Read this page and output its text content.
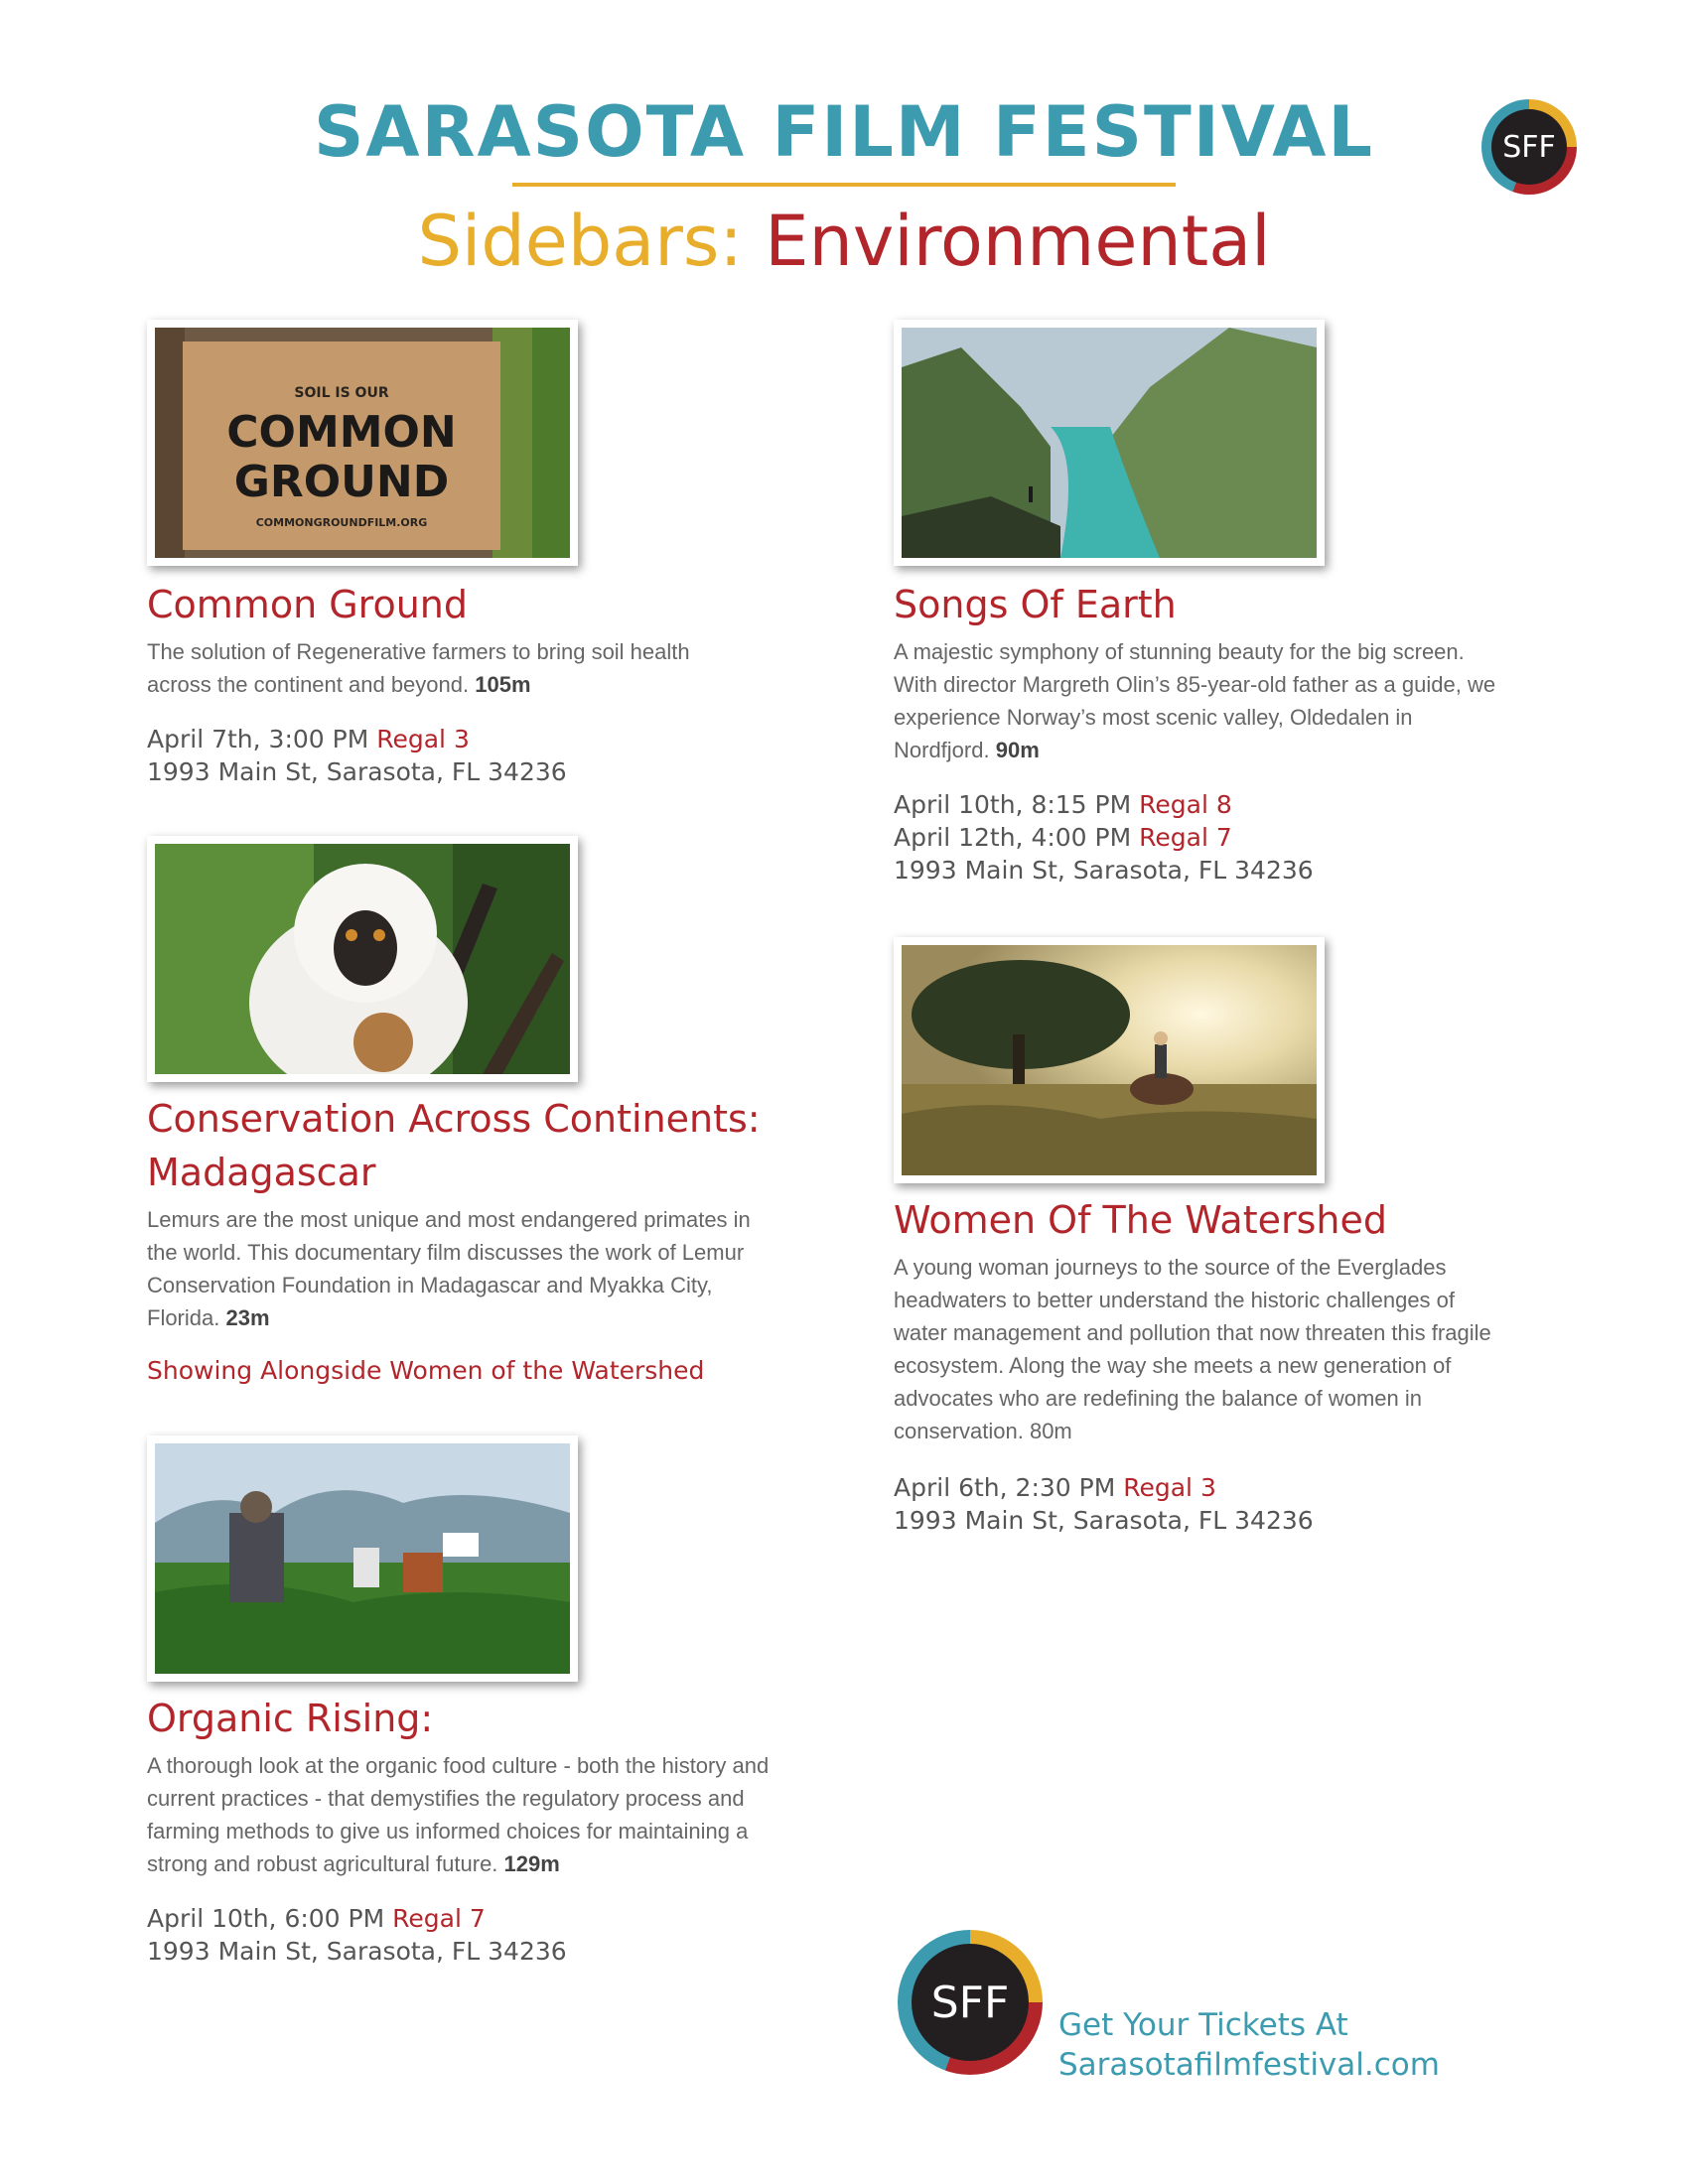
SARASOTA FILM FESTIVAL
Sidebars: Environmental
SFF
SOIL IS OUR
COMMON
GROUND
COMMONGROUNDFILM.ORG
Common Ground
The solution of Regenerative farmers to bring soil health across the continent and beyond. 105m
April 7th, 3:00 PM Regal 3
1993 Main St, Sarasota, FL 34236
Conservation Across Continents:
Madagascar
Lemurs are the most unique and most endangered primates in the world. This documentary film discusses the work of Lemur Conservation Foundation in Madagascar and Myakka City, Florida. 23m
Showing Alongside Women of the Watershed
Organic Rising:
A thorough look at the organic food culture - both the history and current practices - that demystifies the regulatory process and farming methods to give us informed choices for maintaining a strong and robust agricultural future. 129m
April 10th, 6:00 PM Regal 7
1993 Main St, Sarasota, FL 34236
Songs Of Earth
A majestic symphony of stunning beauty for the big screen. With director Margreth Olin’s 85-year-old father as a guide, we experience Norway’s most scenic valley, Oldedalen in Nordfjord. 90m
April 10th, 8:15 PM Regal 8
April 12th, 4:00 PM Regal 7
1993 Main St, Sarasota, FL 34236
Women Of The Watershed
A young woman journeys to the source of the Everglades headwaters to better understand the historic challenges of water management and pollution that now threaten this fragile ecosystem. Along the way she meets a new generation of advocates who are redefining the balance of women in conservation. 80m
April 6th, 2:30 PM Regal 3
1993 Main St, Sarasota, FL 34236
SFF	Get Your Tickets At
Sarasotafilmfestival.com
